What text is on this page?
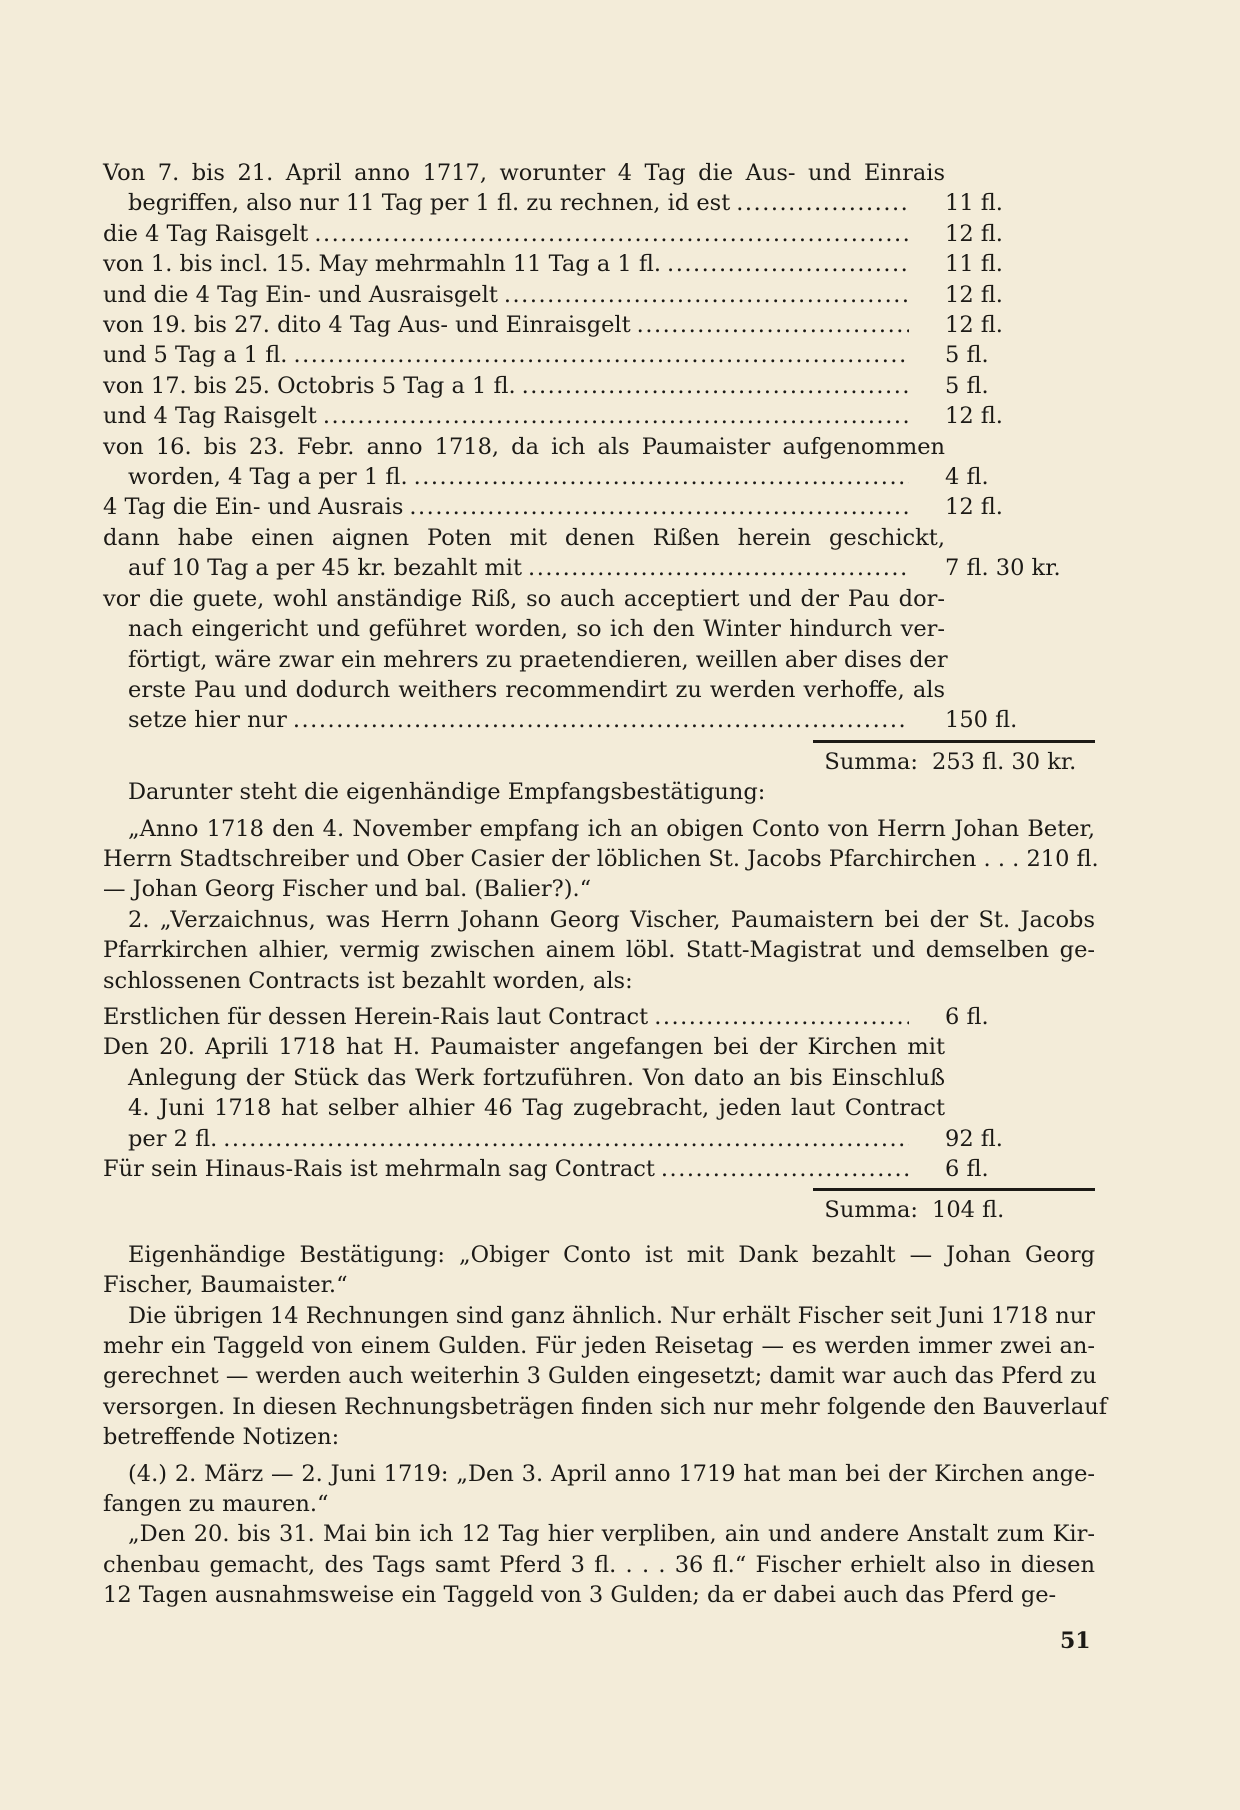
Von 7. bis 21. April anno 1717, worunter 4 Tag die Aus- und Einrais
begriffen, also nur 11 Tag per 1 fl. zu rechnen, id est .....	11 fl.
die 4 Tag Raisgelt .....	12 fl.
von 1. bis incl. 15. May mehrmahln 11 Tag a 1 fl. .....	11 fl.
und die 4 Tag Ein- und Ausraisgelt .....	12 fl.
von 19. bis 27. dito 4 Tag Aus- und Einraisgelt .....	12 fl.
und 5 Tag a 1 fl. .....	5 fl.
von 17. bis 25. Octobris 5 Tag a 1 fl. .....	5 fl.
und 4 Tag Raisgelt .....	12 fl.
von 16. bis 23. Febr. anno 1718, da ich als Paumaister aufgenommen
worden, 4 Tag a per 1 fl. .....	4 fl.
4 Tag die Ein- und Ausrais .....	12 fl.
dann habe einen aignen Poten mit denen Rißen herein geschickt,
auf 10 Tag a per 45 kr. bezahlt mit .....	7 fl. 30 kr.
vor die guete, wohl anständige Riß, so auch acceptiert und der Pau dor-
nach eingericht und geführet worden, so ich den Winter hindurch ver-
förtigt, wäre zwar ein mehrers zu praetendieren, weillen aber dises der
erste Pau und dodurch weithers recommendirt zu werden verhoffe, als
setze hier nur .....	150 fl.
Summa: 253 fl. 30 kr.
Darunter steht die eigenhändige Empfangsbestätigung:
„Anno 1718 den 4. November empfang ich an obigen Conto von Herrn Johan Beter,
Herrn Stadtschreiber und Ober Casier der löblichen St. Jacobs Pfarchirchen . . . 210 fl.
— Johan Georg Fischer und bal. (Balier?).“
2. „Verzaichnus, was Herrn Johann Georg Vischer, Paumaistern bei der St. Jacobs
Pfarrkirchen alhier, vermig zwischen ainem löbl. Statt-Magistrat und demselben ge-
schlossenen Contracts ist bezahlt worden, als:
Erstlichen für dessen Herein-Rais laut Contract .....	6 fl.
Den 20. Aprili 1718 hat H. Paumaister angefangen bei der Kirchen mit
Anlegung der Stück das Werk fortzuführen. Von dato an bis Einschluß
4. Juni 1718 hat selber alhier 46 Tag zugebracht, jeden laut Contract
per 2 fl. .....	92 fl.
Für sein Hinaus-Rais ist mehrmaln sag Contract .....	6 fl.
Summa: 104 fl.
Eigenhändige Bestätigung: „Obiger Conto ist mit Dank bezahlt — Johan Georg
Fischer, Baumaister.“
Die übrigen 14 Rechnungen sind ganz ähnlich. Nur erhält Fischer seit Juni 1718 nur
mehr ein Taggeld von einem Gulden. Für jeden Reisetag — es werden immer zwei an-
gerechnet — werden auch weiterhin 3 Gulden eingesetzt; damit war auch das Pferd zu
versorgen. In diesen Rechnungsbeträgen finden sich nur mehr folgende den Bauverlauf
betreffende Notizen:
(4.) 2. März — 2. Juni 1719: „Den 3. April anno 1719 hat man bei der Kirchen ange-
fangen zu mauren.“
„Den 20. bis 31. Mai bin ich 12 Tag hier verpliben, ain und andere Anstalt zum Kir-
chenbau gemacht, des Tags samt Pferd 3 fl. . . . 36 fl.“ Fischer erhielt also in diesen
12 Tagen ausnahmsweise ein Taggeld von 3 Gulden; da er dabei auch das Pferd ge-
51
